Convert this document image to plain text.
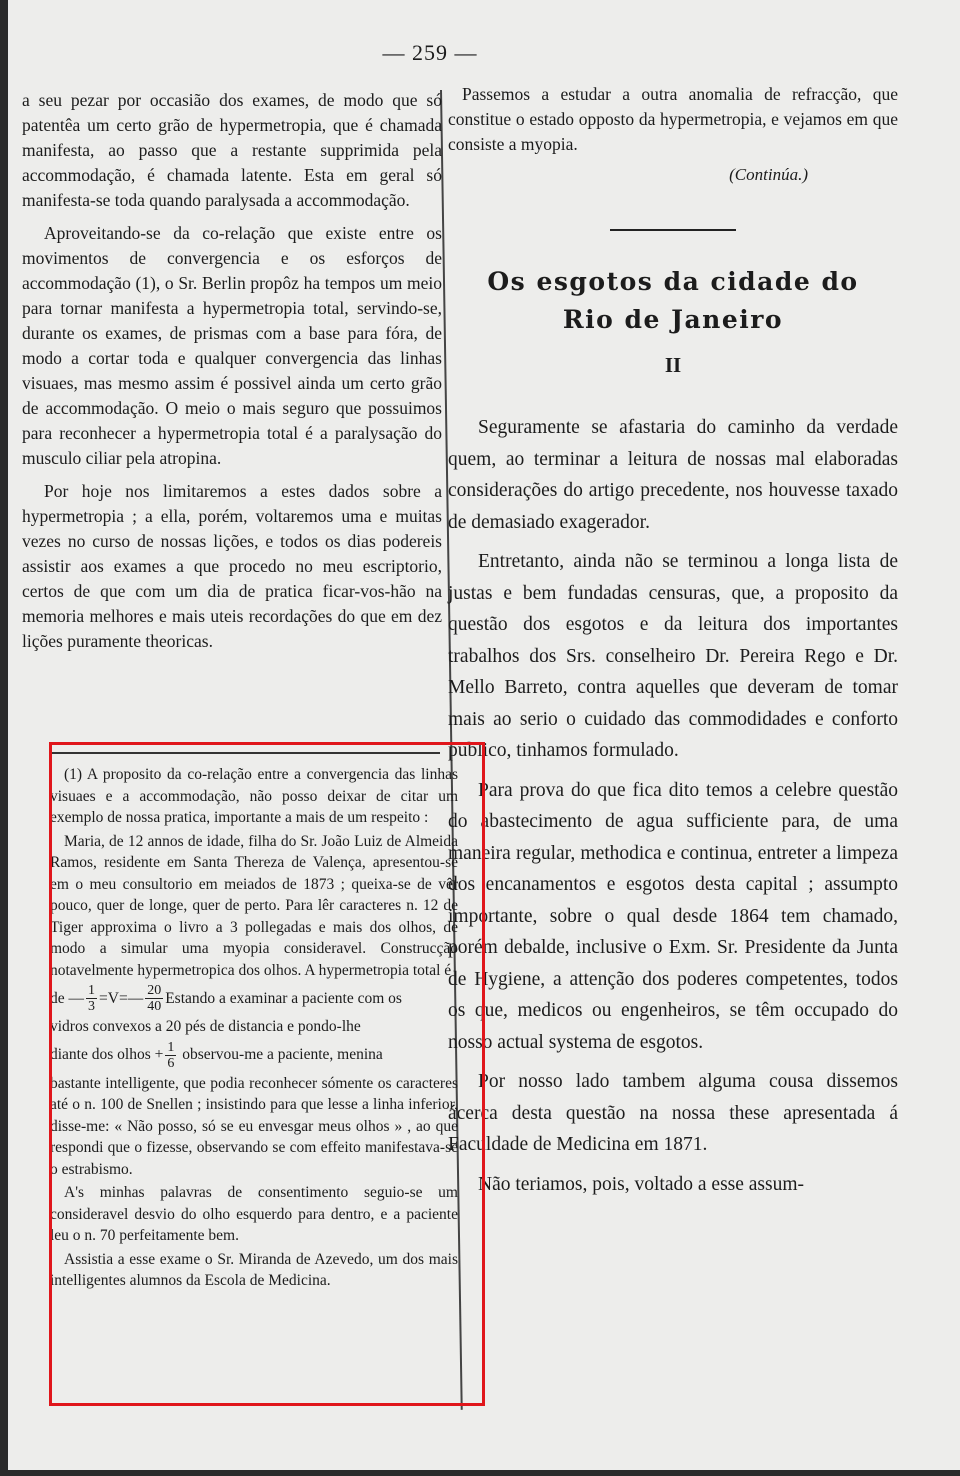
— 259 —

a seu pezar por occasião dos exames, de modo que só patentêa um certo grão de hypermetropia, que é chamada manifesta, ao passo que a restante supprimida pela accommodação, é chamada latente. Esta em geral só manifesta-se toda quando paralysada a accommodação.

Aproveitando-se da co-relação que existe entre os movimentos de convergencia e os esforços de accommodação (1), o Sr. Berlin propôz ha tempos um meio para tornar manifesta a hypermetropia total, servindo-se, durante os exames, de prismas com a base para fóra, de modo a cortar toda e qualquer convergencia das linhas visuaes, mas mesmo assim é possivel ainda um certo grão de accommodação. O meio o mais seguro que possuimos para reconhecer a hypermetropia total é a paralysação do musculo ciliar pela atropina.

Por hoje nos limitaremos a estes dados sobre a hypermetropia ; a ella, porém, voltaremos uma e muitas vezes no curso de nossas lições, e todos os dias podereis assistir aos exames a que procedo no meu escriptorio, certos de que com um dia de pratica ficar-vos-hão na memoria melhores e mais uteis recordações do que em dez lições puramente theoricas.

(1) A proposito da co-relação entre a convergencia das linhas visuaes e a accommodação, não posso deixar de citar um exemplo de nossa pratica, importante a mais de um respeito :

Maria, de 12 annos de idade, filha do Sr. João Luiz de Almeida Ramos, residente em Santa Thereza de Valença, apresentou-se em o meu consultorio em meiados de 1873 ; queixa-se de vêr pouco, quer de longe, quer de perto. Para lêr caracteres n. 12 de Tiger approxima o livro a 3 pollegadas e mais dos olhos, de modo a simular uma myopia consideravel. Construcção notavelmente hypermetropica dos olhos. A hypermetropia total é

de — $\frac{1}{3} =V=$ — $\frac{20}{40}$ Estando a examinar a paciente com os

vidros convexos a 20 pés de distancia e pondo-lhe

diante dos olhos + $\frac{1}{6}$
observou-me a paciente, menina

bastante intelligente, que podia reconhecer sómente os caracteres até o n. 100 de Snellen ; insistindo para que lesse a linha inferior, disse-me: « Não posso, só se eu envesgar meus olhos » , ao que respondi que o fizesse, observando se com effeito manifestava-se o estrabismo.

A's minhas palavras de consentimento seguio-se um consideravel desvio do olho esquerdo para dentro, e a paciente leu o n. 70 perfeitamente bem.

Assistia a esse exame o Sr. Miranda de Azevedo, um dos mais intelligentes alumnos da Escola de Medicina.

Passemos a estudar a outra anomalia de refracção, que constitue o estado opposto da hypermetropia, e vejamos em que consiste a myopia.

(Continúa.)
Os esgotos da cidade do
Rio de Janeiro
II

Seguramente se afastaria do caminho da verdade quem, ao terminar a leitura de nossas mal elaboradas considerações do artigo precedente, nos houvesse taxado de demasiado exagerador.

Entretanto, ainda não se terminou a longa lista de justas e bem fundadas censuras, que, a proposito da questão dos esgotos e da leitura dos importantes trabalhos dos Srs. conselheiro Dr. Pereira Rego e Dr. Mello Barreto, contra aquelles que deveram de tomar mais ao serio o cuidado das commodidades e conforto publico, tinhamos formulado.

Para prova do que fica dito temos a celebre questão do abastecimento de agua sufficiente para, de uma maneira regular, methodica e continua, entreter a limpeza dos encanamentos e esgotos desta capital ; assumpto importante, sobre o qual desde 1864 tem chamado, porém debalde, inclusive o Exm. Sr. Presidente da Junta de Hygiene, a attenção dos poderes competentes, todos os que, medicos ou engenheiros, se têm occupado do nosso actual systema de esgotos.

Por nosso lado tambem alguma cousa dissemos ácerca desta questão na nossa these apresentada á Faculdade de Medicina em 1871.

Não teriamos, pois, voltado a esse assum-
